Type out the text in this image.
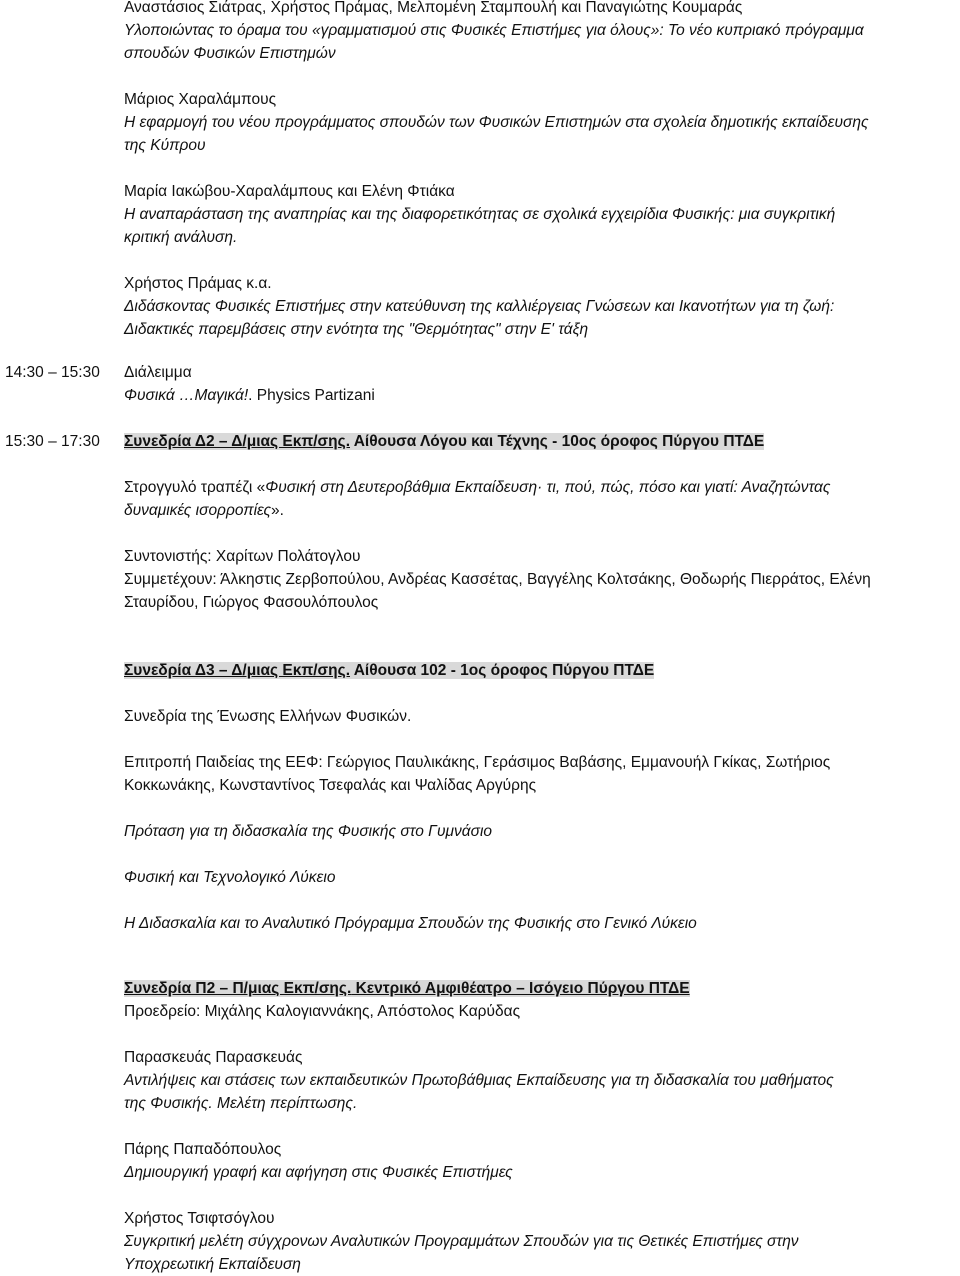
Αναστάσιος Σιάτρας, Χρήστος Πράμας, Μελπομένη Σταμπουλή και Παναγιώτης Κουμαράς
Υλοποιώντας το όραμα του «γραμματισμού στις Φυσικές Επιστήμες για όλους»: Το νέο κυπριακό πρόγραμμα
σπουδών Φυσικών Επιστημών
Μάριος Χαραλάμπους
Η εφαρμογή του νέου προγράμματος σπουδών των Φυσικών Επιστημών στα σχολεία δημοτικής εκπαίδευσης
της Κύπρου
Μαρία Ιακώβου-Χαραλάμπους και Ελένη Φτιάκα
Η αναπαράσταση της αναπηρίας και της διαφορετικότητας σε σχολικά εγχειρίδια Φυσικής: μια συγκριτική
κριτική ανάλυση.
Χρήστος Πράμας κ.α.
Διδάσκοντας Φυσικές Επιστήμες στην κατεύθυνση της καλλιέργειας Γνώσεων και Ικανοτήτων για τη ζωή:
Διδακτικές παρεμβάσεις στην ενότητα της "Θερμότητας" στην Ε' τάξη
14:30 – 15:30 Διάλειμμα
Φυσικά …Μαγικά!. Physics Partizani
15:30 – 17:30 Συνεδρία Δ2 – Δ/μιας Εκπ/σης. Αίθουσα Λόγου και Τέχνης - 10ος όροφος Πύργου ΠΤΔΕ
Στρογγυλό τραπέζι «Φυσική στη Δευτεροβάθμια Εκπαίδευση· τι, πού, πώς, πόσο και γιατί: Αναζητώντας
δυναμικές ισορροπίες».
Συντονιστής: Χαρίτων Πολάτογλου
Συμμετέχουν: Άλκηστις Ζερβοπούλου, Ανδρέας Κασσέτας, Βαγγέλης Κολτσάκης, Θοδωρής Πιερράτος, Ελένη
Σταυρίδου, Γιώργος Φασουλόπουλος
Συνεδρία Δ3 – Δ/μιας Εκπ/σης. Αίθουσα 102 - 1ος όροφος Πύργου ΠΤΔΕ
Συνεδρία της Ένωσης Ελλήνων Φυσικών.
Επιτροπή Παιδείας της ΕΕΦ: Γεώργιος Παυλικάκης, Γεράσιμος Βαβάσης, Εμμανουήλ Γκίκας, Σωτήριος
Κοκκωνάκης, Κωνσταντίνος Τσεφαλάς και Ψαλίδας Αργύρης
Πρόταση για τη διδασκαλία της Φυσικής στο Γυμνάσιο
Φυσική και Τεχνολογικό Λύκειο
Η Διδασκαλία και το Αναλυτικό Πρόγραμμα Σπουδών της Φυσικής στο Γενικό Λύκειο
Συνεδρία Π2 – Π/μιας Εκπ/σης. Κεντρικό Αμφιθέατρο – Ισόγειο Πύργου ΠΤΔΕ
Προεδρείο: Μιχάλης Καλογιαννάκης, Απόστολος Καρύδας
Παρασκευάς Παρασκευάς
Αντιλήψεις και στάσεις των εκπαιδευτικών Πρωτοβάθμιας Εκπαίδευσης για τη διδασκαλία του μαθήματος
της Φυσικής. Μελέτη περίπτωσης.
Πάρης Παπαδόπουλος
Δημιουργική γραφή και αφήγηση στις Φυσικές Επιστήμες
Χρήστος Τσιφτσόγλου
Συγκριτική μελέτη σύγχρονων Αναλυτικών Προγραμμάτων Σπουδών για τις Θετικές Επιστήμες στην
Υποχρεωτική Εκπαίδευση
